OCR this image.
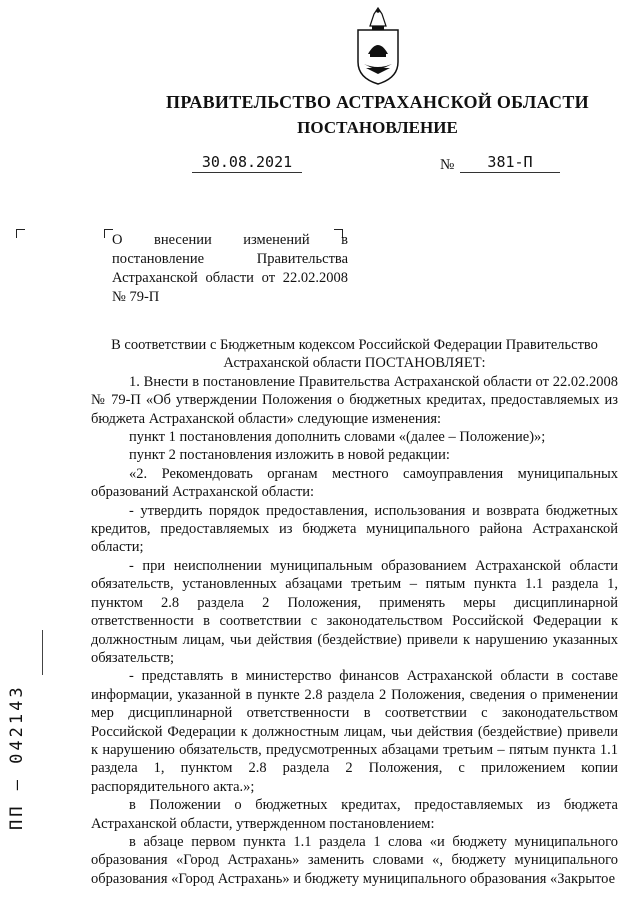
ПРАВИТЕЛЬСТВО АСТРАХАНСКОЙ ОБЛАСТИ
ПОСТАНОВЛЕНИЕ
30.08.2021	№	381-П
О внесении изменений в постановление Правительства Астраханской области от 22.02.2008 № 79-П

В соответствии с Бюджетным кодексом Российской Федерации Правительство Астраханской области ПОСТАНОВЛЯЕТ:

1. Внести в постановление Правительства Астраханской области от 22.02.2008 № 79-П «Об утверждении Положения о бюджетных кредитах, предоставляемых из бюджета Астраханской области» следующие изменения:

пункт 1 постановления дополнить словами «(далее – Положение)»;

пункт 2 постановления изложить в новой редакции:

«2. Рекомендовать органам местного самоуправления муниципальных образований Астраханской области:

- утвердить порядок предоставления, использования и возврата бюджетных кредитов, предоставляемых из бюджета муниципального района Астраханской области;

- при неисполнении муниципальным образованием Астраханской области обязательств, установленных абзацами третьим – пятым пункта 1.1 раздела 1, пунктом 2.8 раздела 2 Положения, применять меры дисциплинарной ответственности в соответствии с законодательством Российской Федерации к должностным лицам, чьи действия (бездействие) привели к нарушению указанных обязательств;

- представлять в министерство финансов Астраханской области в составе информации, указанной в пункте 2.8 раздела 2 Положения, сведения о применении мер дисциплинарной ответственности в соответствии с законодательством Российской Федерации к должностным лицам, чьи действия (бездействие) привели к нарушению обязательств, предусмотренных абзацами третьим – пятым пункта 1.1 раздела 1, пунктом 2.8 раздела 2 Положения, с приложением копии распорядительного акта.»;

в Положении о бюджетных кредитах, предоставляемых из бюджета Астраханской области, утвержденном постановлением:

в абзаце первом пункта 1.1 раздела 1 слова «и бюджету муниципального образования «Город Астрахань» заменить словами «, бюджету муниципального образования «Город Астрахань» и бюджету муниципального образования «Закрытое

ПП – 042143
